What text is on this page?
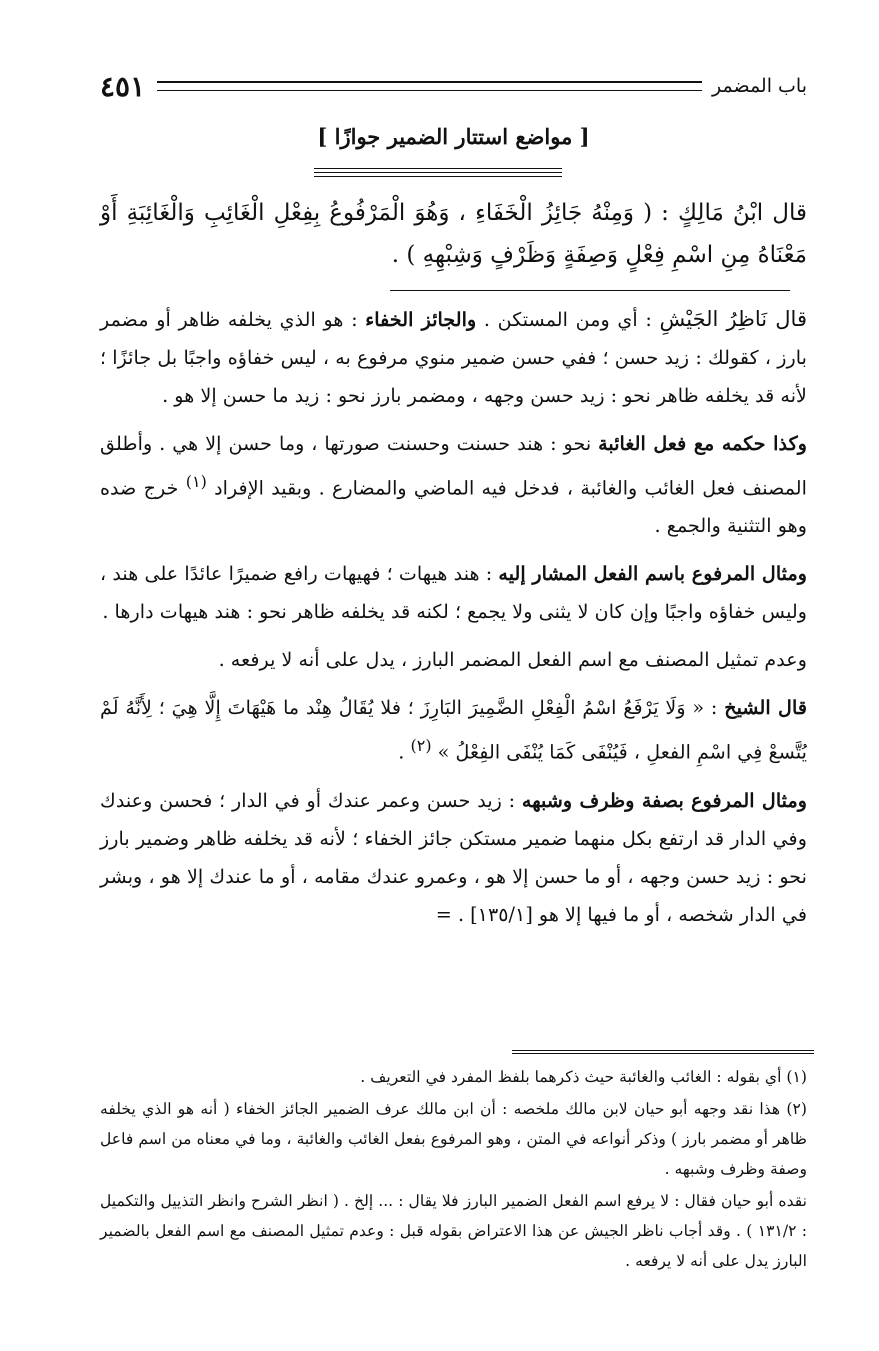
باب المضمر
٤٥١
[ مواضع استتار الضمير جوازًا ]
قال ابْنُ مَالِكٍ : ( وَمِنْهُ جَائِزُ الْخَفَاءِ ، وَهُوَ الْمَرْفُوعُ بِفِعْلِ الْغَائِبِ وَالْغَائِبَةِ أَوْ مَعْنَاهُ مِنِ اسْمِ فِعْلٍ وَصِفَةٍ وَظَرْفٍ وَشِبْهِهِ ) .

قال نَاظِرُ الجَيْشِ : أي ومن المستكن . والجائز الخفاء : هو الذي يخلفه ظاهر أو مضمر بارز ، كقولك : زيد حسن ؛ ففي حسن ضمير منوي مرفوع به ، ليس خفاؤه واجبًا بل جائزًا ؛ لأنه قد يخلفه ظاهر نحو : زيد حسن وجهه ، ومضمر بارز نحو : زيد ما حسن إلا هو .

وكذا حكمه مع فعل الغائبة نحو : هند حسنت وحسنت صورتها ، وما حسن إلا هي . وأطلق المصنف فعل الغائب والغائبة ، فدخل فيه الماضي والمضارع . وبقيد الإفراد $^{(١)}$ خرج ضده وهو التثنية والجمع .

ومثال المرفوع باسم الفعل المشار إليه : هند هيهات ؛ فهيهات رافع ضميرًا عائدًا على هند ، وليس خفاؤه واجبًا وإن كان لا يثنى ولا يجمع ؛ لكنه قد يخلفه ظاهر نحو : هند هيهات دارها .

وعدم تمثيل المصنف مع اسم الفعل المضمر البارز ، يدل على أنه لا يرفعه .

قال الشيخ : « وَلَا يَرْفَعُ اسْمُ الْفِعْلِ الضَّمِيرَ البَارِزَ ؛ فلا يُقَالُ هِنْد ما هَيْهَاتَ إِلَّا هِيَ ؛ لِأَنَّهُ لَمْ يُتَّسعْ فِي اسْمِ الفعلِ ، فَيُنْفَى كَمَا يُنْفَى الفِعْلُ » $^{(٢)}$ .

ومثال المرفوع بصفة وظرف وشبهه : زيد حسن وعمر عندك أو في الدار ؛ فحسن وعندك وفي الدار قد ارتفع بكل منهما ضمير مستكن جائز الخفاء ؛ لأنه قد يخلفه ظاهر وضمير بارز نحو : زيد حسن وجهه ، أو ما حسن إلا هو ، وعمرو عندك مقامه ، أو ما عندك إلا هو ، وبشر في الدار شخصه ، أو ما فيها إلا هو [١٣٥/١] . =

(١) أي بقوله : الغائب والغائبة حيث ذكرهما بلفظ المفرد في التعريف .

(٢) هذا نقد وجهه أبو حيان لابن مالك ملخصه : أن ابن مالك عرف الضمير الجائز الخفاء ( أنه هو الذي يخلفه ظاهر أو مضمر بارز ) وذكر أنواعه في المتن ، وهو المرفوع بفعل الغائب والغائبة ، وما في معناه من اسم فاعل وصفة وظرف وشبهه .

نقده أبو حيان فقال : لا يرفع اسم الفعل الضمير البارز فلا يقال : ... إلخ . ( انظر الشرح وانظر التذييل والتكميل : ١٣١/٢ ) . وقد أجاب ناظر الجيش عن هذا الاعتراض بقوله قبل : وعدم تمثيل المصنف مع اسم الفعل بالضمير البارز يدل على أنه لا يرفعه .
